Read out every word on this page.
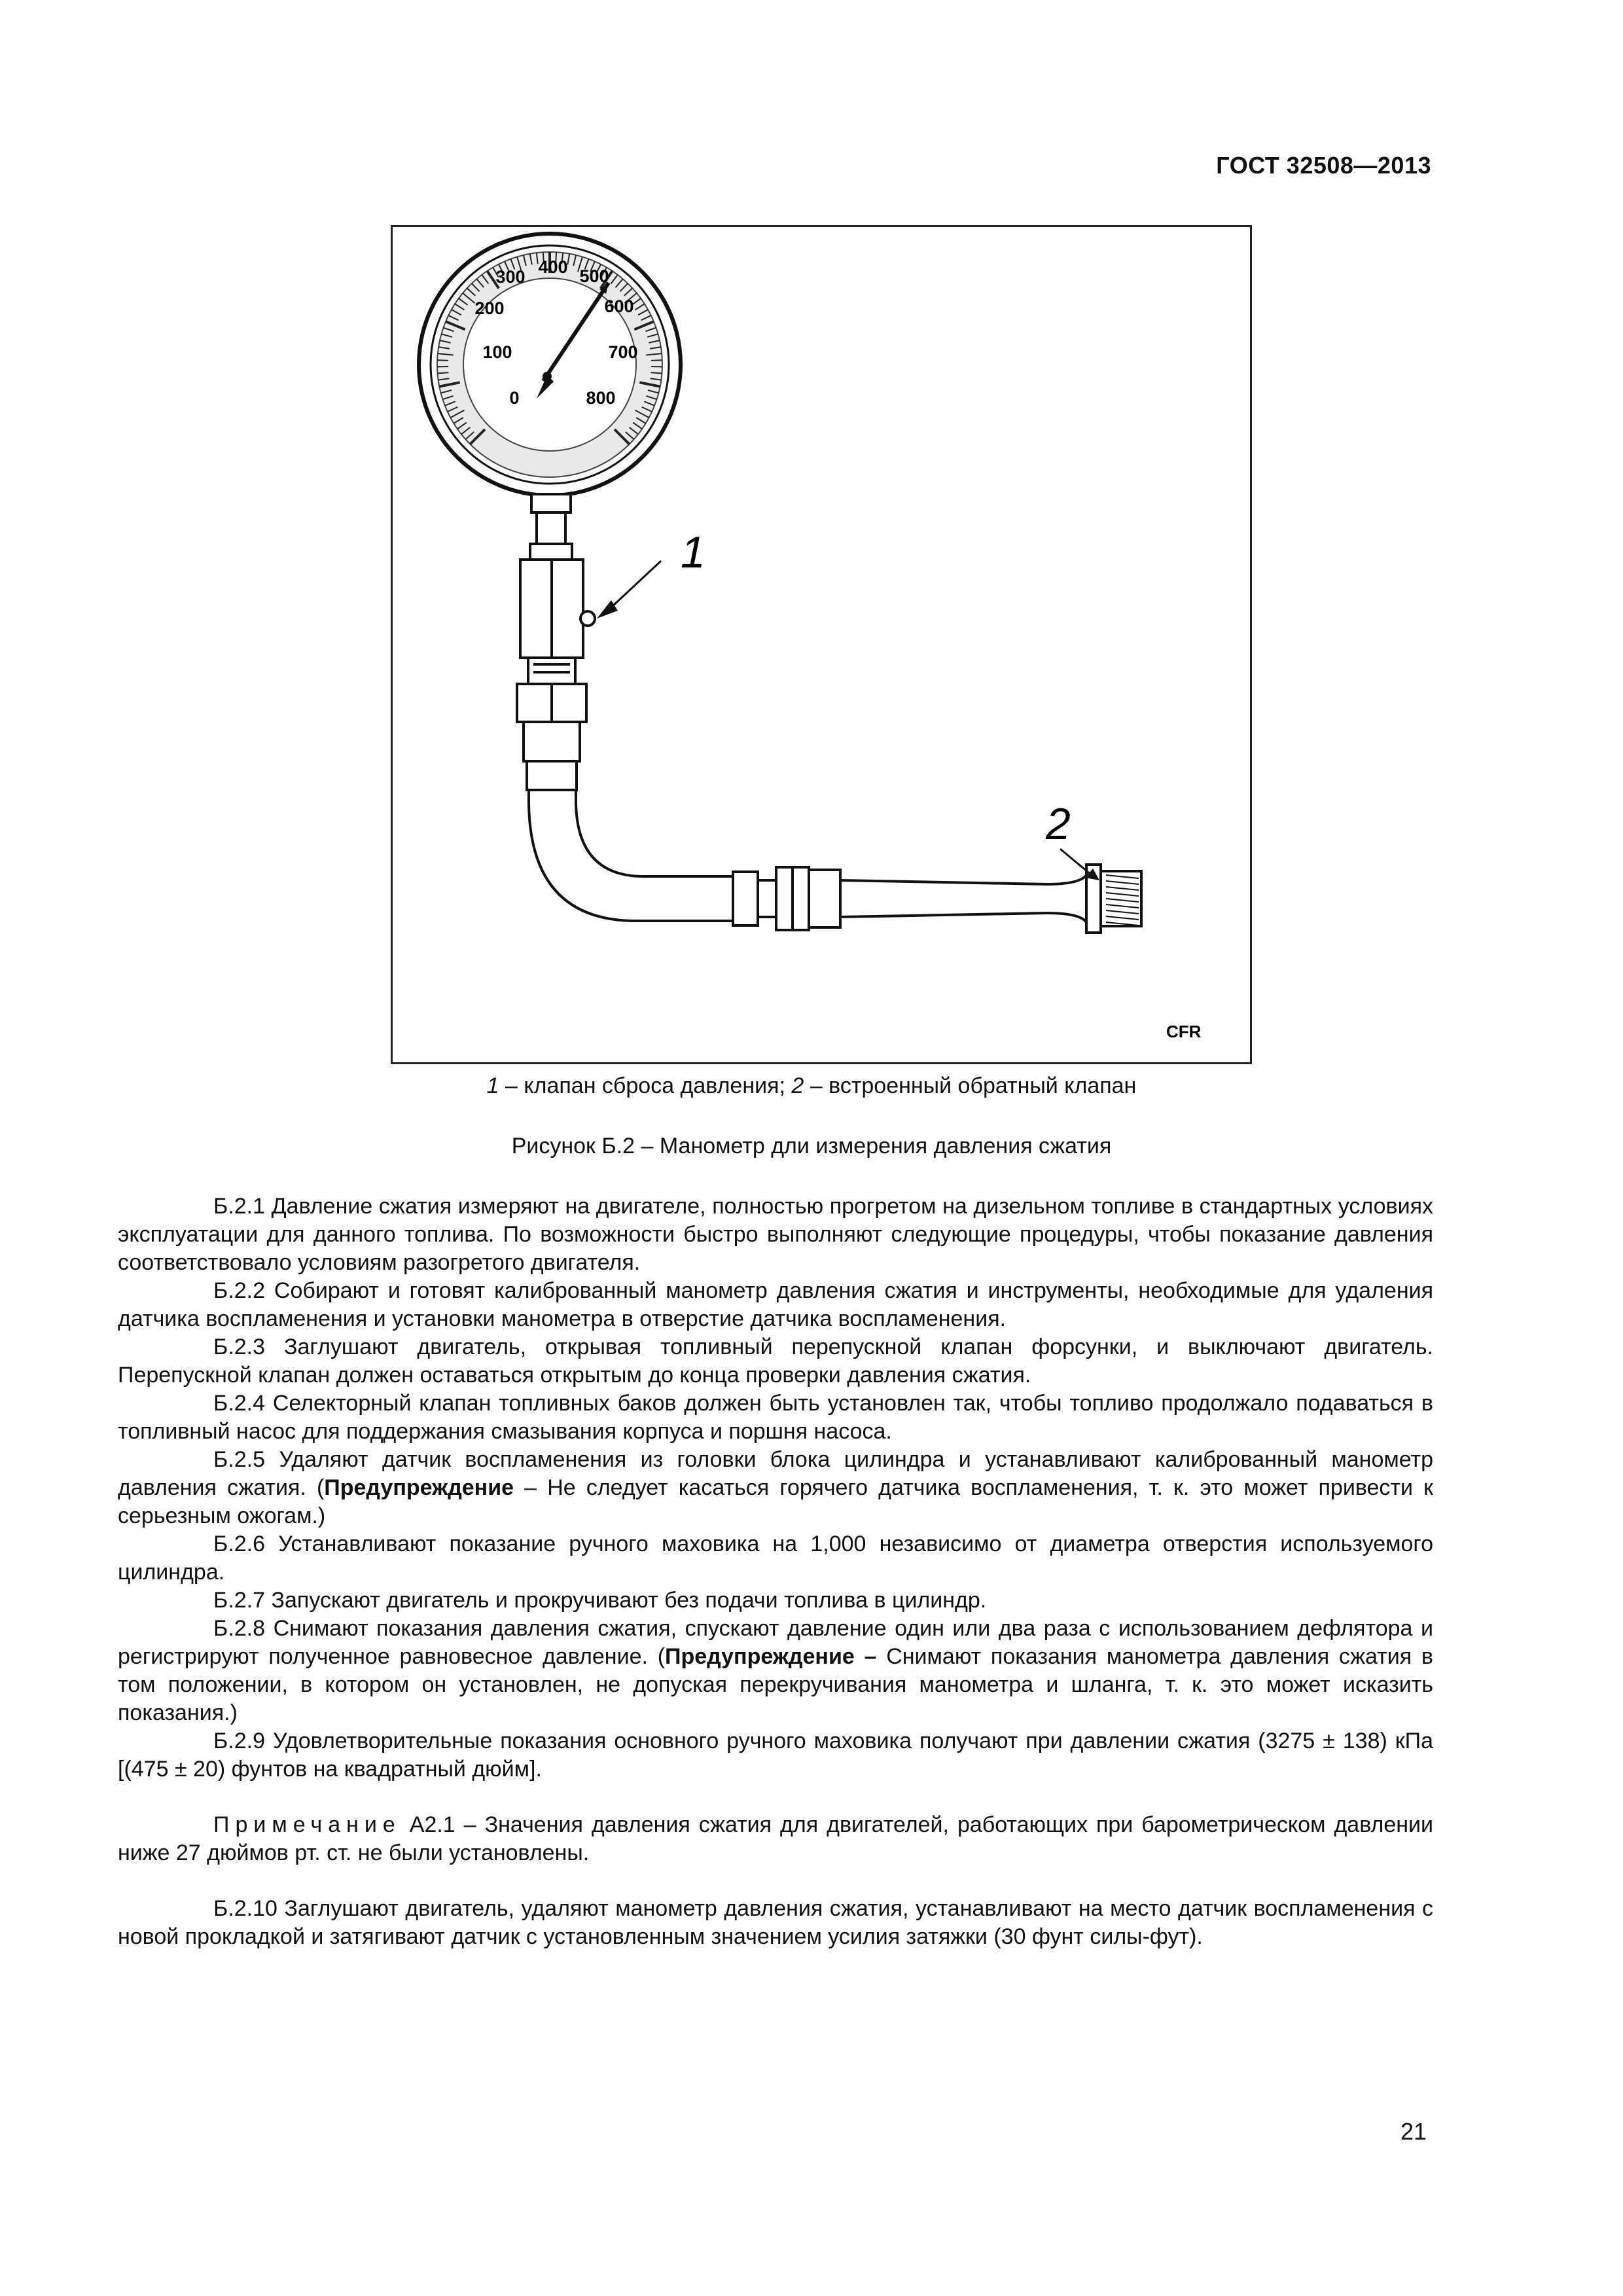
ГОСТ 32508—2013
0
100
200
300 400 500
600
700
800
1
2
CFR
1 – клапан сброса давления; 2 – встроенный обратный клапан
Рисунок Б.2 – Манометр дли измерения давления сжатия

Б.2.1 Давление сжатия измеряют на двигателе, полностью прогретом на дизельном топливе в стандартных условиях эксплуатации для данного топлива. По возможности быстро выполняют следующие процедуры, чтобы показание давления соответствовало условиям разогретого двигателя.

Б.2.2 Собирают и готовят калиброванный манометр давления сжатия и инструменты, необходимые для удаления датчика воспламенения и установки манометра в отверстие датчика воспламенения.

Б.2.3 Заглушают двигатель, открывая топливный перепускной клапан форсунки, и выключают двигатель. Перепускной клапан должен оставаться открытым до конца проверки давления сжатия.

Б.2.4 Селекторный клапан топливных баков должен быть установлен так, чтобы топливо продолжало подаваться в топливный насос для поддержания смазывания корпуса и поршня насоса.

Б.2.5 Удаляют датчик воспламенения из головки блока цилиндра и устанавливают калиброванный манометр давления сжатия. (Предупреждение – Не следует касаться горячего датчика воспламенения, т. к. это может привести к серьезным ожогам.)

Б.2.6 Устанавливают показание ручного маховика на 1,000 независимо от диаметра отверстия используемого цилиндра.

Б.2.7 Запускают двигатель и прокручивают без подачи топлива в цилиндр.

Б.2.8 Снимают показания давления сжатия, спускают давление один или два раза с использованием дефлятора и регистрируют полученное равновесное давление. (Предупреждение – Снимают показания манометра давления сжатия в том положении, в котором он установлен, не допуская перекручивания манометра и шланга, т. к. это может исказить показания.)

Б.2.9 Удовлетворительные показания основного ручного маховика получают при давлении сжатия (3275 ± 138) кПа [(475 ± 20) фунтов на квадратный дюйм].

Примечание А2.1 – Значения давления сжатия для двигателей, работающих при барометрическом давлении ниже 27 дюймов рт. ст. не были установлены.

Б.2.10 Заглушают двигатель, удаляют манометр давления сжатия, устанавливают на место датчик воспламенения с новой прокладкой и затягивают датчик с установленным значением усилия затяжки (30 фунт силы-фут).

21
